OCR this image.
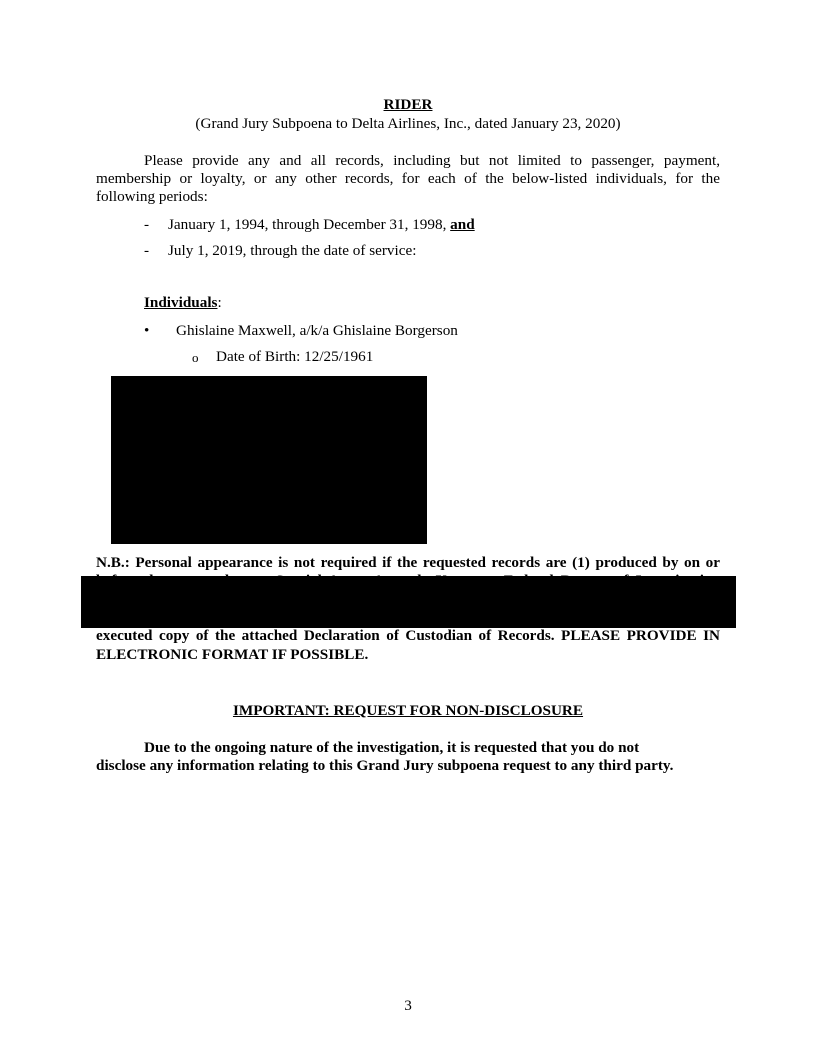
RIDER
(Grand Jury Subpoena to Delta Airlines, Inc., dated January 23, 2020)
Please provide any and all records, including but not limited to passenger, payment,
membership or loyalty, or any other records, for each of the below-listed individuals, for the
following periods:
- January 1, 1994, through December 31, 1998, and
- July 1, 2019, through the date of service:
Individuals:
• Ghislaine Maxwell, a/k/a Ghislaine Borgerson
o Date of Birth: 12/25/1961
N.B.: Personal appearance is not required if the requested records are (1) produced by on or
executed copy of the attached Declaration of Custodian of Records. PLEASE PROVIDE IN
ELECTRONIC FORMAT IF POSSIBLE.
IMPORTANT: REQUEST FOR NON-DISCLOSURE
Due to the ongoing nature of the investigation, it is requested that you do not
disclose any information relating to this Grand Jury subpoena request to any third party.
3
